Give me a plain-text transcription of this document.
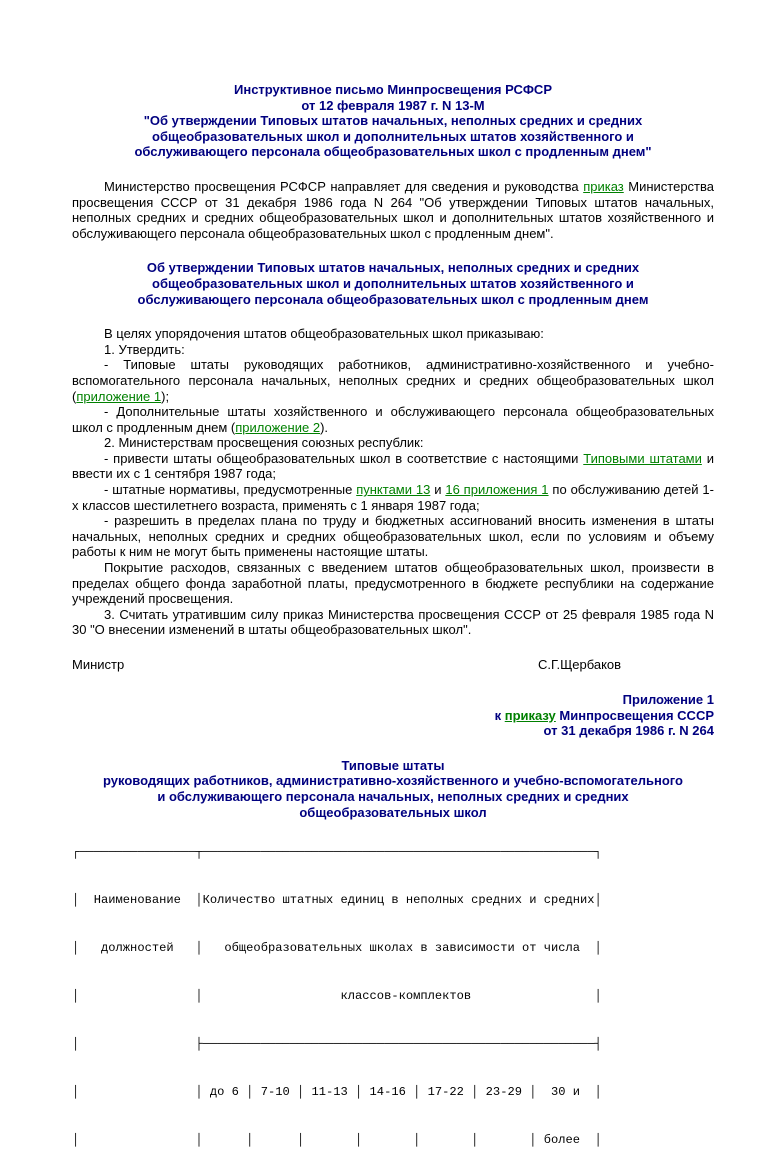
Инструктивное письмо Минпросвещения РСФСР
от 12 февраля 1987 г. N 13-М
"Об утверждении Типовых штатов начальных, неполных средних и средних
общеобразовательных школ и дополнительных штатов хозяйственного и
обслуживающего персонала общеобразовательных школ с продленным днем"

Министерство просвещения РСФСР направляет для сведения и руководства приказ Министерства просвещения СССР от 31 декабря 1986 года N 264 "Об утверждении Типовых штатов начальных, неполных средних и средних общеобразовательных школ и дополнительных штатов хозяйственного и обслуживающего персонала общеобразовательных школ с продленным днем".

Об утверждении Типовых штатов начальных, неполных средних и средних
общеобразовательных школ и дополнительных штатов хозяйственного и
обслуживающего персонала общеобразовательных школ с продленным днем

В целях упорядочения штатов общеобразовательных школ приказываю:

1. Утвердить:

- Типовые штаты руководящих работников, административно-хозяйственного и учебно-вспомогательного персонала начальных, неполных средних и средних общеобразовательных школ (приложение 1);

- Дополнительные штаты хозяйственного и обслуживающего персонала общеобразовательных школ с продленным днем (приложение 2).

2. Министерствам просвещения союзных республик:

- привести штаты общеобразовательных школ в соответствие с настоящими Типовыми штатами и ввести их с 1 сентября 1987 года;

- штатные нормативы, предусмотренные пунктами 13 и 16 приложения 1 по обслуживанию детей 1-х классов шестилетнего возраста, применять с 1 января 1987 года;

- разрешить в пределах плана по труду и бюджетных ассигнований вносить изменения в штаты начальных, неполных средних и средних общеобразовательных школ, если по условиям и объему работы к ним не могут быть применены настоящие штаты.

Покрытие расходов, связанных с введением штатов общеобразовательных школ, произвести в пределах общего фонда заработной платы, предусмотренного в бюджете республики на содержание учреждений просвещения.

3. Считать утратившим силу приказ Министерства просвещения СССР от 25 февраля 1985 года N 30 "О внесении изменений в штаты общеобразовательных школ".

Министр	С.Г.Щербаков
Приложение 1
к приказу Минпросвещения СССР
от 31 декабря 1986 г. N 264
Типовые штаты
руководящих работников, административно-хозяйственного и учебно-вспомогательного
и обслуживающего персонала начальных, неполных средних и средних
общеобразовательных школ

┌────────────────┬──────────────────────────────────────────────────────┐

│  Наименование  │Количество штатных единиц в неполных средних и средних│

│   должностей   │   общеобразовательных школах в зависимости от числа  │

│                │                   классов-комплектов                 │

│                ├──────────────────────────────────────────────────────┤

│                │ до 6 │ 7-10 │ 11-13 │ 14-16 │ 17-22 │ 23-29 │  30 и  │

│                │      │      │       │       │       │       │ более  │
